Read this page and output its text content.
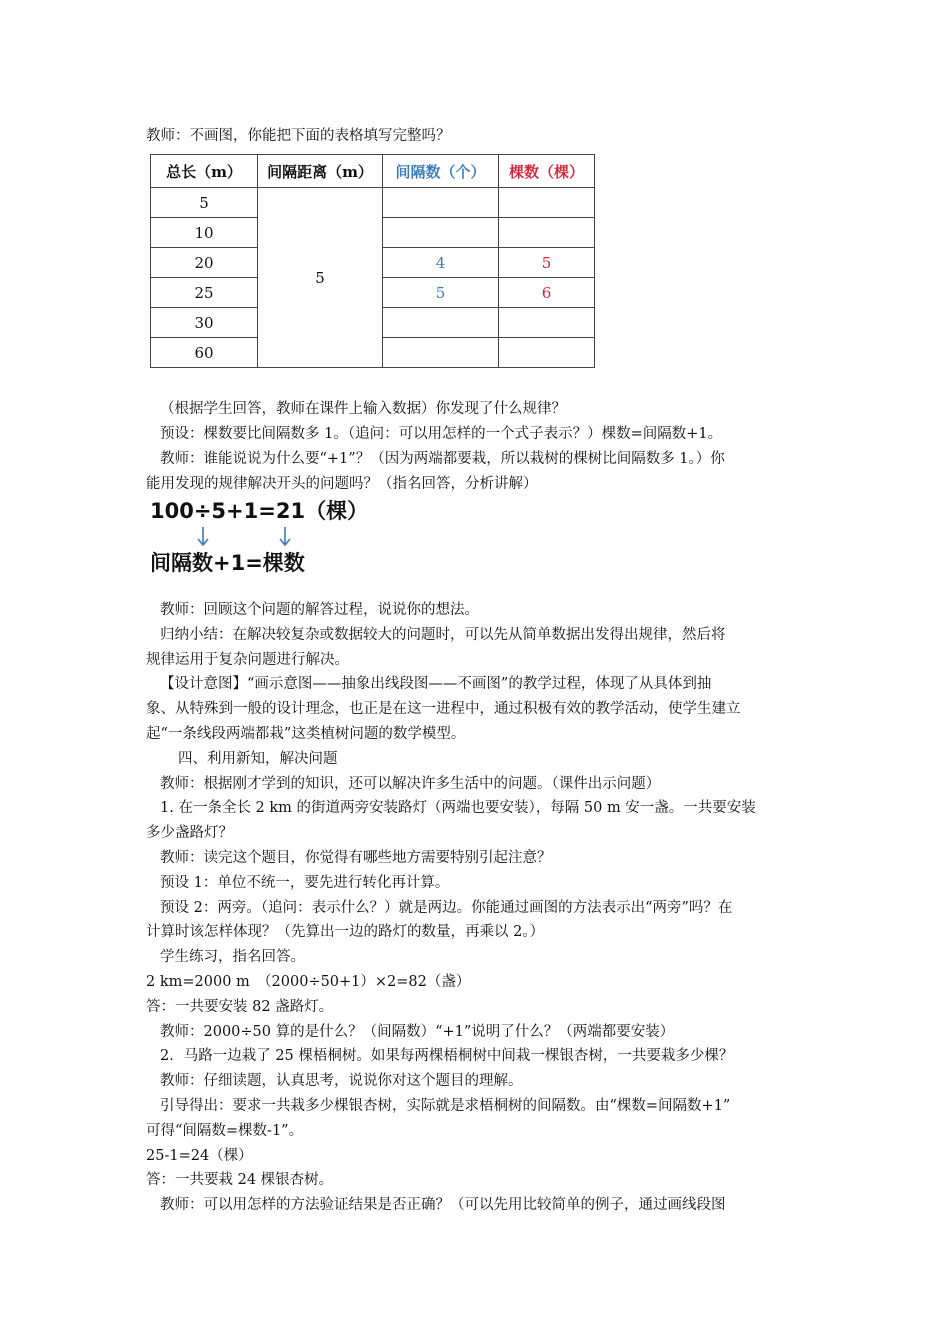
教师：不画图，你能把下面的表格填写完整吗？
总长（m）	间隔距离（m）	间隔数（个）	棵数（棵）
5	5		
10			
20		4	5
25		5	6
30			
60			
（根据学生回答，教师在课件上输入数据）你发现了什么规律？
预设：棵数要比间隔数多 1。（追问：可以用怎样的一个式子表示？）棵数=间隔数+1。
教师：谁能说说为什么要“+1”？（因为两端都要栽，所以栽树的棵树比间隔数多 1。）你
能用发现的规律解决开头的问题吗？（指名回答，分析讲解）
100÷5+1=21（棵）
间隔数+1=棵数
教师：回顾这个问题的解答过程，说说你的想法。
归纳小结：在解决较复杂或数据较大的问题时，可以先从简单数据出发得出规律，然后将
规律运用于复杂问题进行解决。
【设计意图】“画示意图——抽象出线段图——不画图”的教学过程，体现了从具体到抽
象、从特殊到一般的设计理念，也正是在这一进程中，通过积极有效的教学活动，使学生建立
起“一条线段两端都栽”这类植树问题的数学模型。
四、利用新知，解决问题
教师：根据刚才学到的知识，还可以解决许多生活中的问题。（课件出示问题）
1. 在一条全长 2 km 的街道两旁安装路灯（两端也要安装），每隔 50 m 安一盏。一共要安装
多少盏路灯？
教师：读完这个题目，你觉得有哪些地方需要特别引起注意？
预设 1：单位不统一，要先进行转化再计算。
预设 2：两旁。（追问：表示什么？）就是两边。你能通过画图的方法表示出“两旁”吗？在
计算时该怎样体现？（先算出一边的路灯的数量，再乘以 2。）
学生练习，指名回答。
2 km=2000 m　（2000÷50+1）×2=82（盏）
答：一共要安装 82 盏路灯。
教师：2000÷50 算的是什么？（间隔数）“+1”说明了什么？（两端都要安装）
2．马路一边栽了 25 棵梧桐树。如果每两棵梧桐树中间栽一棵银杏树，一共要栽多少棵？
教师：仔细读题，认真思考，说说你对这个题目的理解。
引导得出：要求一共栽多少棵银杏树，实际就是求梧桐树的间隔数。由“棵数=间隔数+1”
可得“间隔数=棵数-1”。
25-1=24（棵）
答：一共要栽 24 棵银杏树。
教师：可以用怎样的方法验证结果是否正确？（可以先用比较简单的例子，通过画线段图
